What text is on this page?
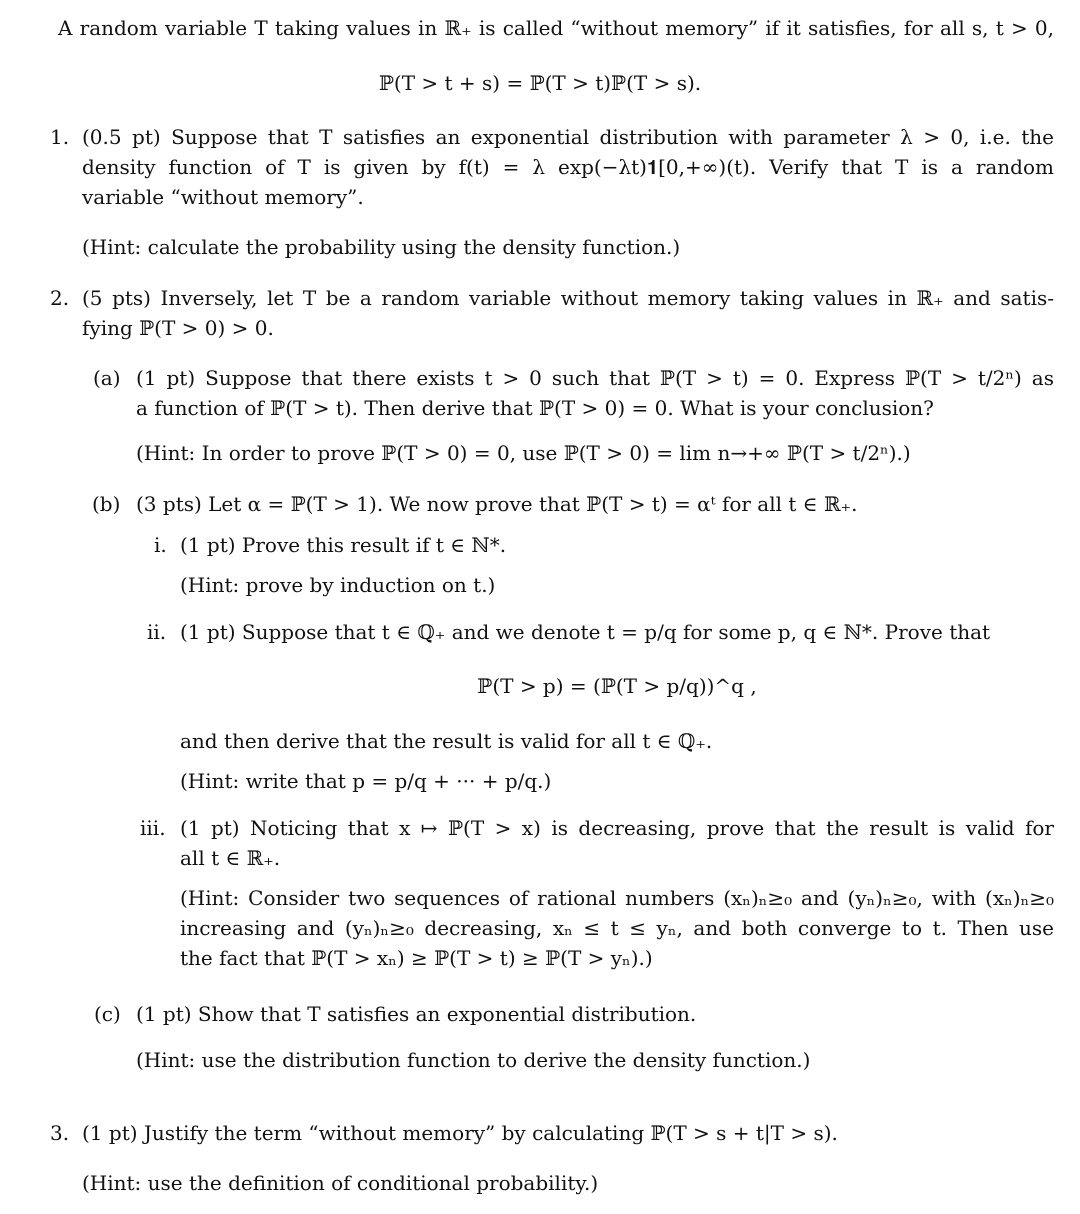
A random variable T taking values in ℝ₊ is called “without memory” if it satisfies, for all s, t > 0,
ℙ(T > t + s) = ℙ(T > t)ℙ(T > s).
1. (0.5 pt) Suppose that T satisfies an exponential distribution with parameter λ > 0, i.e. the
density function of T is given by f(t) = λ exp(−λt)𝟏[0,+∞)(t). Verify that T is a random
variable “without memory”.
(Hint: calculate the probability using the density function.)
2. (5 pts) Inversely, let T be a random variable without memory taking values in ℝ₊ and satis-
fying ℙ(T > 0) > 0.
(a) (1 pt) Suppose that there exists t > 0 such that ℙ(T > t) = 0. Express ℙ(T > t/2ⁿ) as
a function of ℙ(T > t). Then derive that ℙ(T > 0) = 0. What is your conclusion?
(Hint: In order to prove ℙ(T > 0) = 0, use ℙ(T > 0) = lim n→+∞ ℙ(T > t/2ⁿ).)
(b) (3 pts) Let α = ℙ(T > 1). We now prove that ℙ(T > t) = αᵗ for all t ∈ ℝ₊.
i. (1 pt) Prove this result if t ∈ ℕ*.
(Hint: prove by induction on t.)
ii. (1 pt) Suppose that t ∈ ℚ₊ and we denote t = p/q for some p, q ∈ ℕ*. Prove that
ℙ(T > p) = (ℙ(T > p/q))^q ,
and then derive that the result is valid for all t ∈ ℚ₊.
(Hint: write that p = p/q + ··· + p/q.)
iii. (1 pt) Noticing that x ↦ ℙ(T > x) is decreasing, prove that the result is valid for
all t ∈ ℝ₊.
(Hint: Consider two sequences of rational numbers (xₙ)ₙ≥₀ and (yₙ)ₙ≥₀, with (xₙ)ₙ≥₀
increasing and (yₙ)ₙ≥₀ decreasing, xₙ ≤ t ≤ yₙ, and both converge to t. Then use
the fact that ℙ(T > xₙ) ≥ ℙ(T > t) ≥ ℙ(T > yₙ).)
(c) (1 pt) Show that T satisfies an exponential distribution.
(Hint: use the distribution function to derive the density function.)
3. (1 pt) Justify the term “without memory” by calculating ℙ(T > s + t|T > s).
(Hint: use the definition of conditional probability.)
